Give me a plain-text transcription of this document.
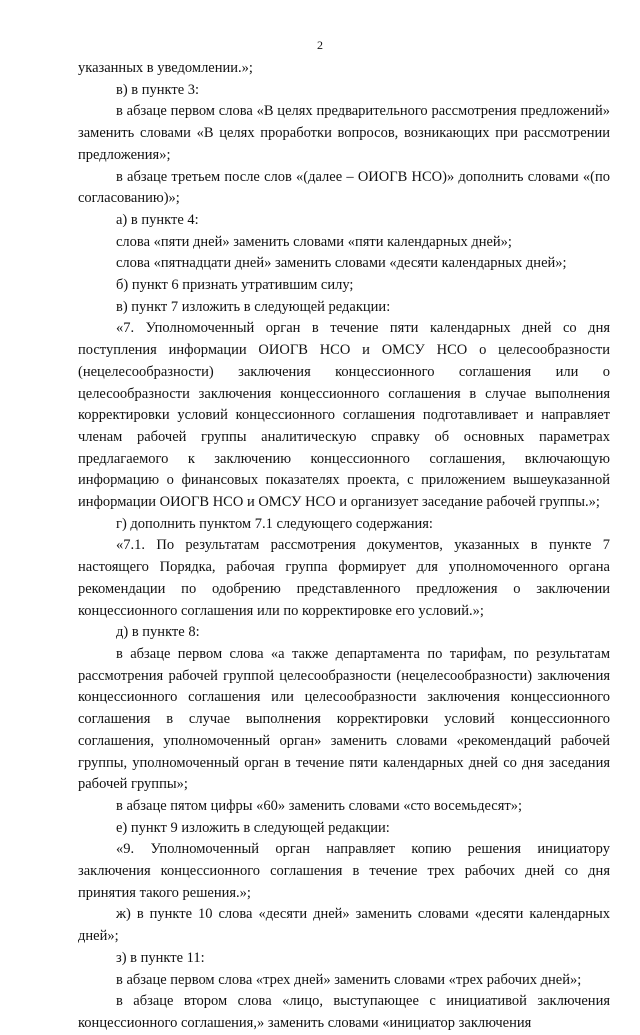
2

указанных в уведомлении.»;

в) в пункте 3:

в абзаце первом слова «В целях предварительного рассмотрения предложений» заменить словами «В целях проработки вопросов, возникающих при рассмотрении предложения»;

в абзаце третьем после слов «(далее – ОИОГВ НСО)» дополнить словами «(по согласованию)»;

а) в пункте 4:

слова «пяти дней» заменить словами «пяти календарных дней»;

слова «пятнадцати дней» заменить словами «десяти календарных дней»;

б) пункт 6 признать утратившим силу;

в) пункт 7 изложить в следующей редакции:

«7. Уполномоченный орган в течение пяти календарных дней со дня поступления информации ОИОГВ НСО и ОМСУ НСО о целесообразности (нецелесообразности) заключения концессионного соглашения или о целесообразности заключения концессионного соглашения в случае выполнения корректировки условий концессионного соглашения подготавливает и направляет членам рабочей группы аналитическую справку об основных параметрах предлагаемого к заключению концессионного соглашения, включающую информацию о финансовых показателях проекта, с приложением вышеуказанной информации ОИОГВ НСО и ОМСУ НСО и организует заседание рабочей группы.»;

г) дополнить пунктом 7.1 следующего содержания:

«7.1. По результатам рассмотрения документов, указанных в пункте 7 настоящего Порядка, рабочая группа формирует для уполномоченного органа рекомендации по одобрению представленного предложения о заключении концессионного соглашения или по корректировке его условий.»;

д) в пункте 8:

в абзаце первом слова «а также департамента по тарифам, по результатам рассмотрения рабочей группой целесообразности (нецелесообразности) заключения концессионного соглашения или целесообразности заключения концессионного соглашения в случае выполнения корректировки условий концессионного соглашения, уполномоченный орган» заменить словами «рекомендаций рабочей группы, уполномоченный орган в течение пяти календарных дней со дня заседания рабочей группы»;

в абзаце пятом цифры «60» заменить словами «сто восемьдесят»;

е) пункт 9 изложить в следующей редакции:

«9. Уполномоченный орган направляет копию решения инициатору заключения концессионного соглашения в течение трех рабочих дней со дня принятия такого решения.»;

ж) в пункте 10 слова «десяти дней» заменить словами «десяти календарных дней»;

з) в пункте 11:

в абзаце первом слова «трех дней» заменить словами «трех рабочих дней»;

в абзаце втором слова «лицо, выступающее с инициативой заключения концессионного соглашения,» заменить словами «инициатор заключения
